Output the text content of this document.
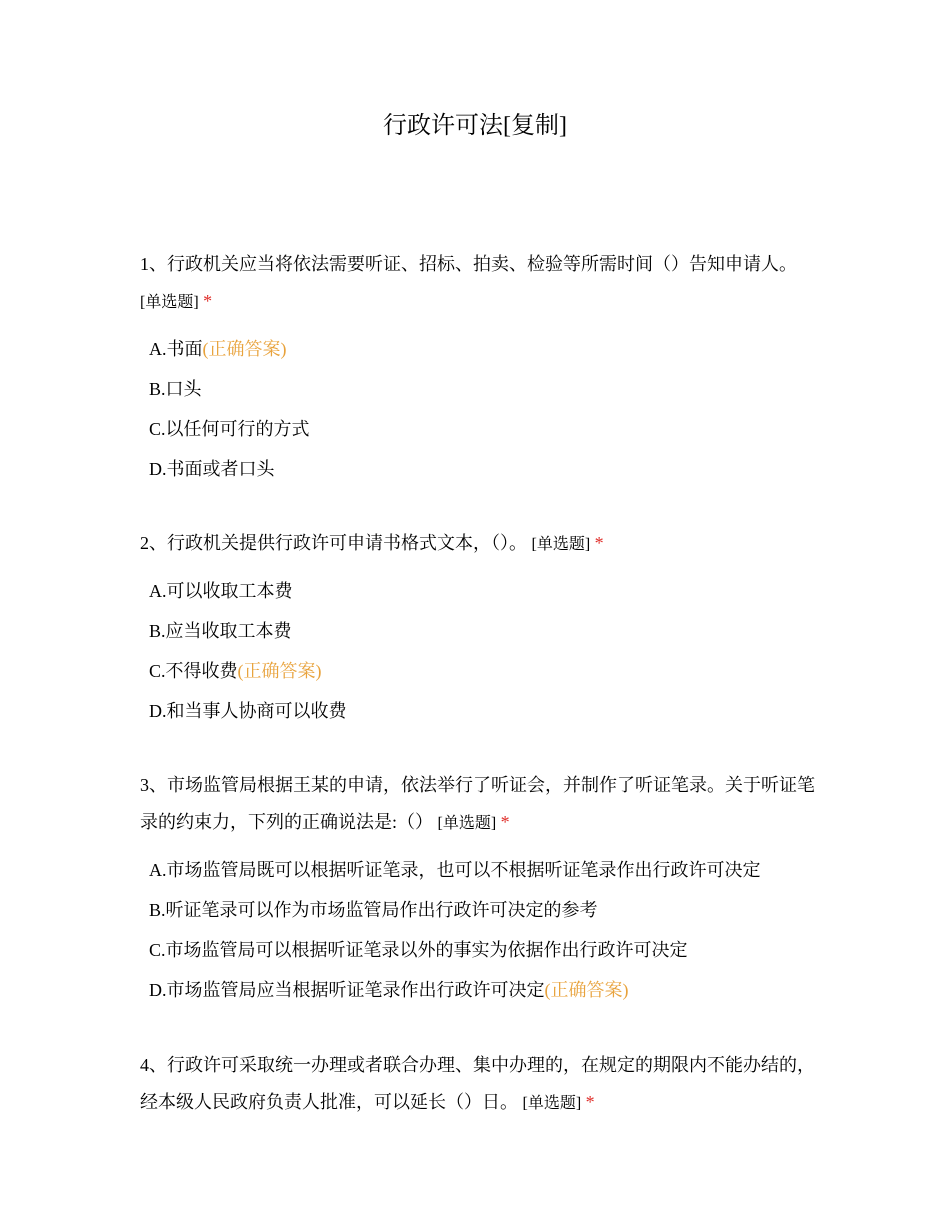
行政许可法[复制]
1、行政机关应当将依法需要听证、招标、拍卖、检验等所需时间（）告知申请人。 [单选题] *
A.书面(正确答案)
B.口头
C.以任何可行的方式
D.书面或者口头
2、行政机关提供行政许可申请书格式文本，（）。 [单选题] *
A.可以收取工本费
B.应当收取工本费
C.不得收费(正确答案)
D.和当事人协商可以收费
3、市场监管局根据王某的申请，依法举行了听证会，并制作了听证笔录。关于听证笔录的约束力，下列的正确说法是:（） [单选题] *
A.市场监管局既可以根据听证笔录，也可以不根据听证笔录作出行政许可决定
B.听证笔录可以作为市场监管局作出行政许可决定的参考
C.市场监管局可以根据听证笔录以外的事实为依据作出行政许可决定
D.市场监管局应当根据听证笔录作出行政许可决定(正确答案)
4、行政许可采取统一办理或者联合办理、集中办理的，在规定的期限内不能办结的，经本级人民政府负责人批准，可以延长（）日。 [单选题] *
